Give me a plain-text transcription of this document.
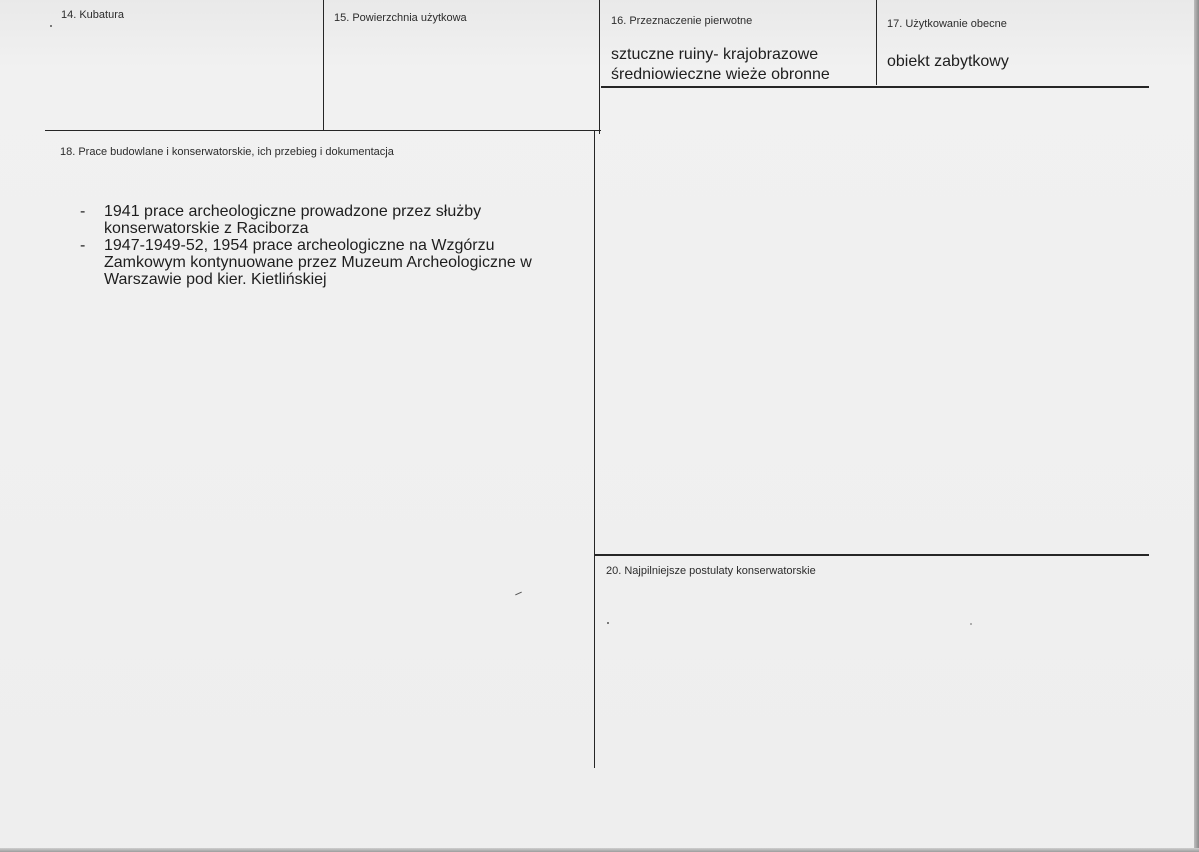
14. Kubatura	15. Powierzchnia użytkowa	16. Przeznaczenie pierwotne
sztuczne ruiny- krajobrazowe
średniowieczne wieże obronne
17. Użytkowanie obecne
obiekt zabytkowy
18. Prace budowlane i konserwatorskie, ich przebieg i dokumentacja
- 1941 prace archeologiczne prowadzone przez służby
konserwatorskie z Raciborza
- 1947-1949-52, 1954 prace archeologiczne na Wzgórzu
Zamkowym kontynuowane przez Muzeum Archeologiczne w
Warszawie pod kier. Kietlińskiej
20. Najpilniejsze postulaty konserwatorskie
